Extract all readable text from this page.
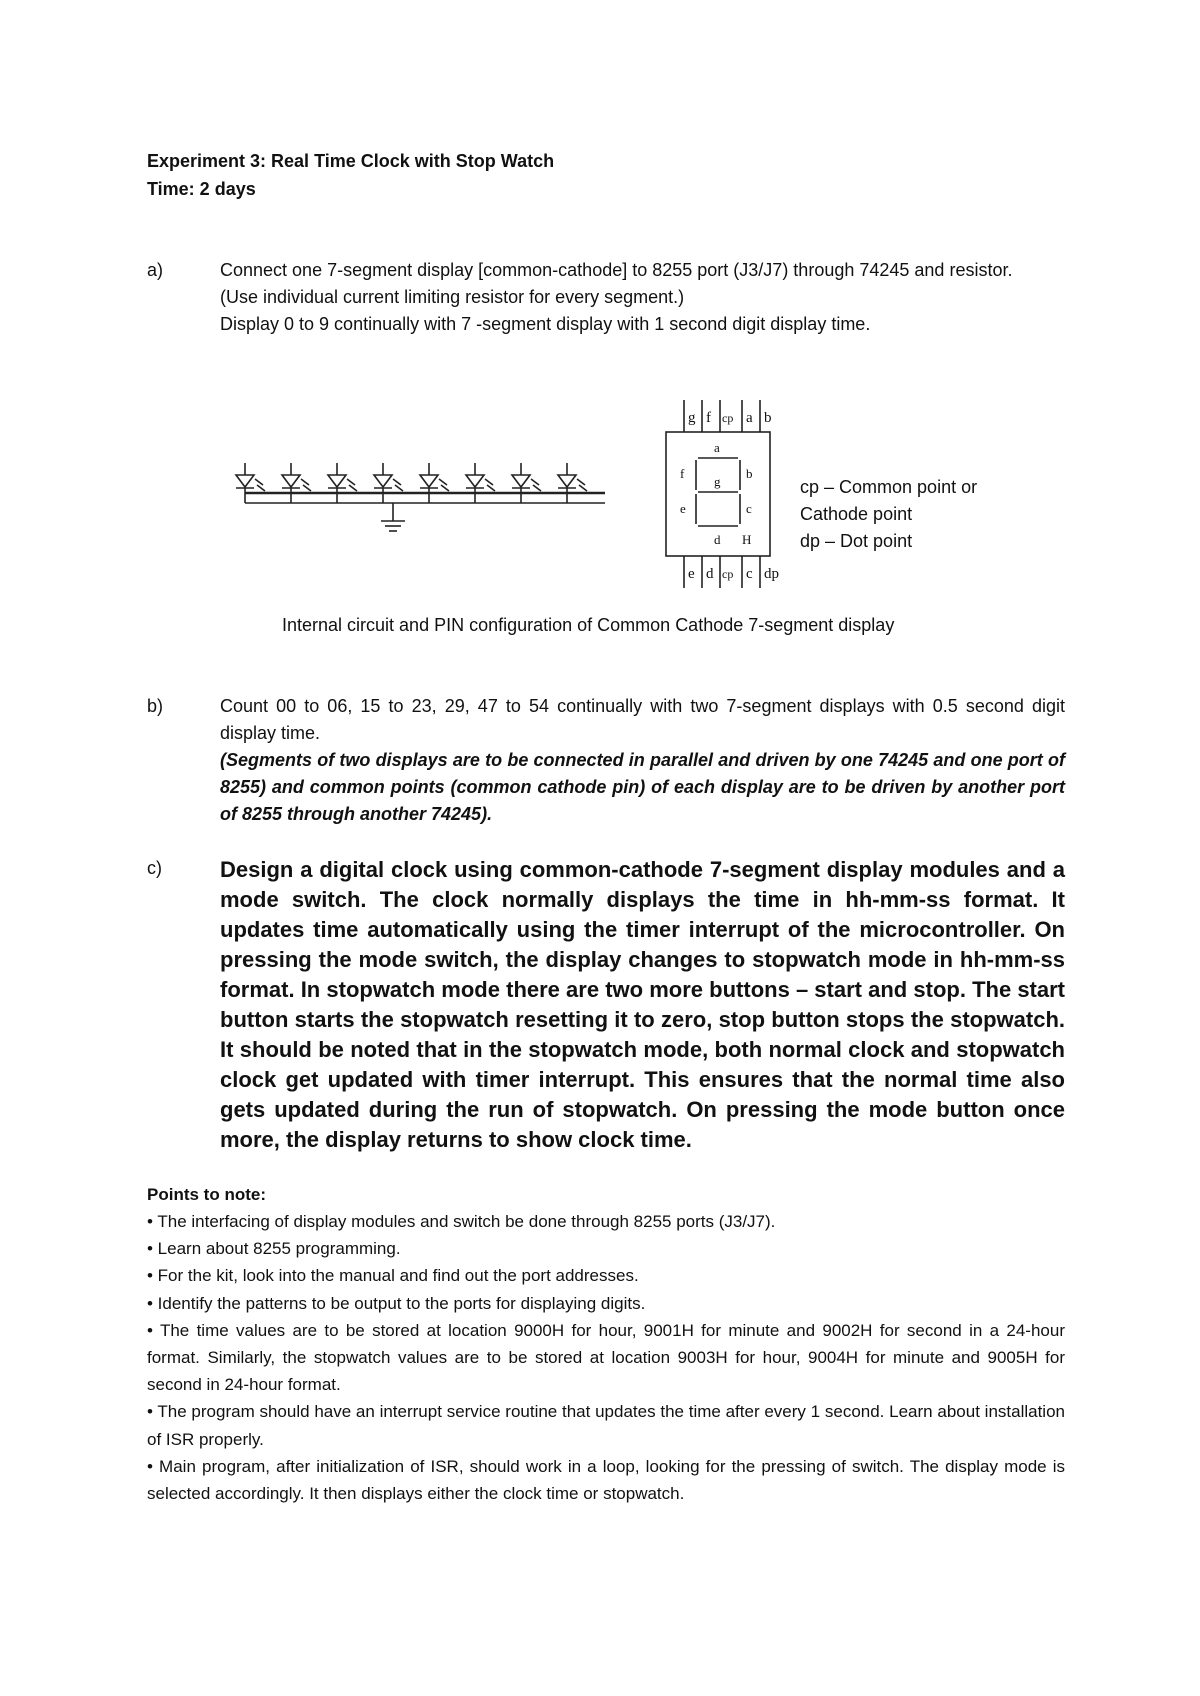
Experiment 3: Real Time Clock with Stop Watch
Time: 2 days
a)	Connect one 7-segment display [common-cathode] to 8255 port (J3/J7) through 74245 and resistor.

(Use individual current limiting resistor for every segment.)

Display 0 to 9 continually with 7 -segment display with 1 second digit display time.

g f cp a b
e d cp c dp
a
f
g
b
e	c
d H
cp – Common point or
Cathode point
dp – Dot point
Internal circuit and PIN configuration of Common Cathode 7-segment display
b)	Count 00 to 06, 15 to 23, 29, 47 to 54 continually with two 7-segment displays with 0.5 second digit display time.

(Segments of two displays are to be connected in parallel and driven by one 74245 and one port of 8255) and common points (common cathode pin) of each display are to be driven by another port of 8255 through another 74245).

c)	Design a digital clock using common-cathode 7-segment display modules and a mode switch. The clock normally displays the time in hh-mm-ss format. It updates time automatically using the timer interrupt of the microcontroller. On pressing the mode switch, the display changes to stopwatch mode in hh-mm-ss format. In stopwatch mode there are two more buttons – start and stop. The start button starts the stopwatch resetting it to zero, stop button stops the stopwatch. It should be noted that in the stopwatch mode, both normal clock and stopwatch clock get updated with timer interrupt. This ensures that the normal time also gets updated during the run of stopwatch. On pressing the mode button once more, the display returns to show clock time.

Points to note:

• The interfacing of display modules and switch be done through 8255 ports (J3/J7).

• Learn about 8255 programming.

• For the kit, look into the manual and find out the port addresses.

• Identify the patterns to be output to the ports for displaying digits.

• The time values are to be stored at location 9000H for hour, 9001H for minute and 9002H for second in a 24-hour format. Similarly, the stopwatch values are to be stored at location 9003H for hour, 9004H for minute and 9005H for second in 24-hour format.

• The program should have an interrupt service routine that updates the time after every 1 second. Learn about installation of ISR properly.

• Main program, after initialization of ISR, should work in a loop, looking for the pressing of switch. The display mode is selected accordingly. It then displays either the clock time or stopwatch.
